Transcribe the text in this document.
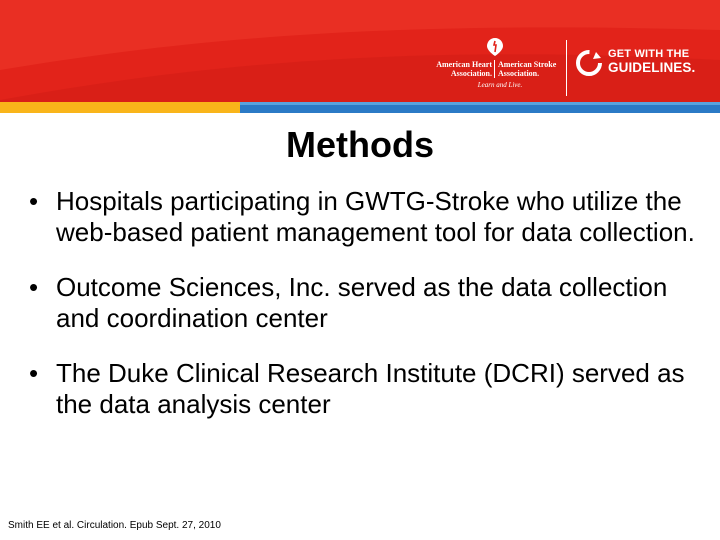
American Heart
Association.
American Stroke
Association.
Learn and Live.
GET WITH THE
GUIDELINES.
Methods
• Hospitals participating in GWTG-Stroke who utilize the web-based patient management tool for data collection.
• Outcome Sciences, Inc. served as the data collection and coordination center
• The Duke Clinical Research Institute (DCRI) served as the data analysis center
Smith EE et al. Circulation. Epub Sept. 27, 2010
